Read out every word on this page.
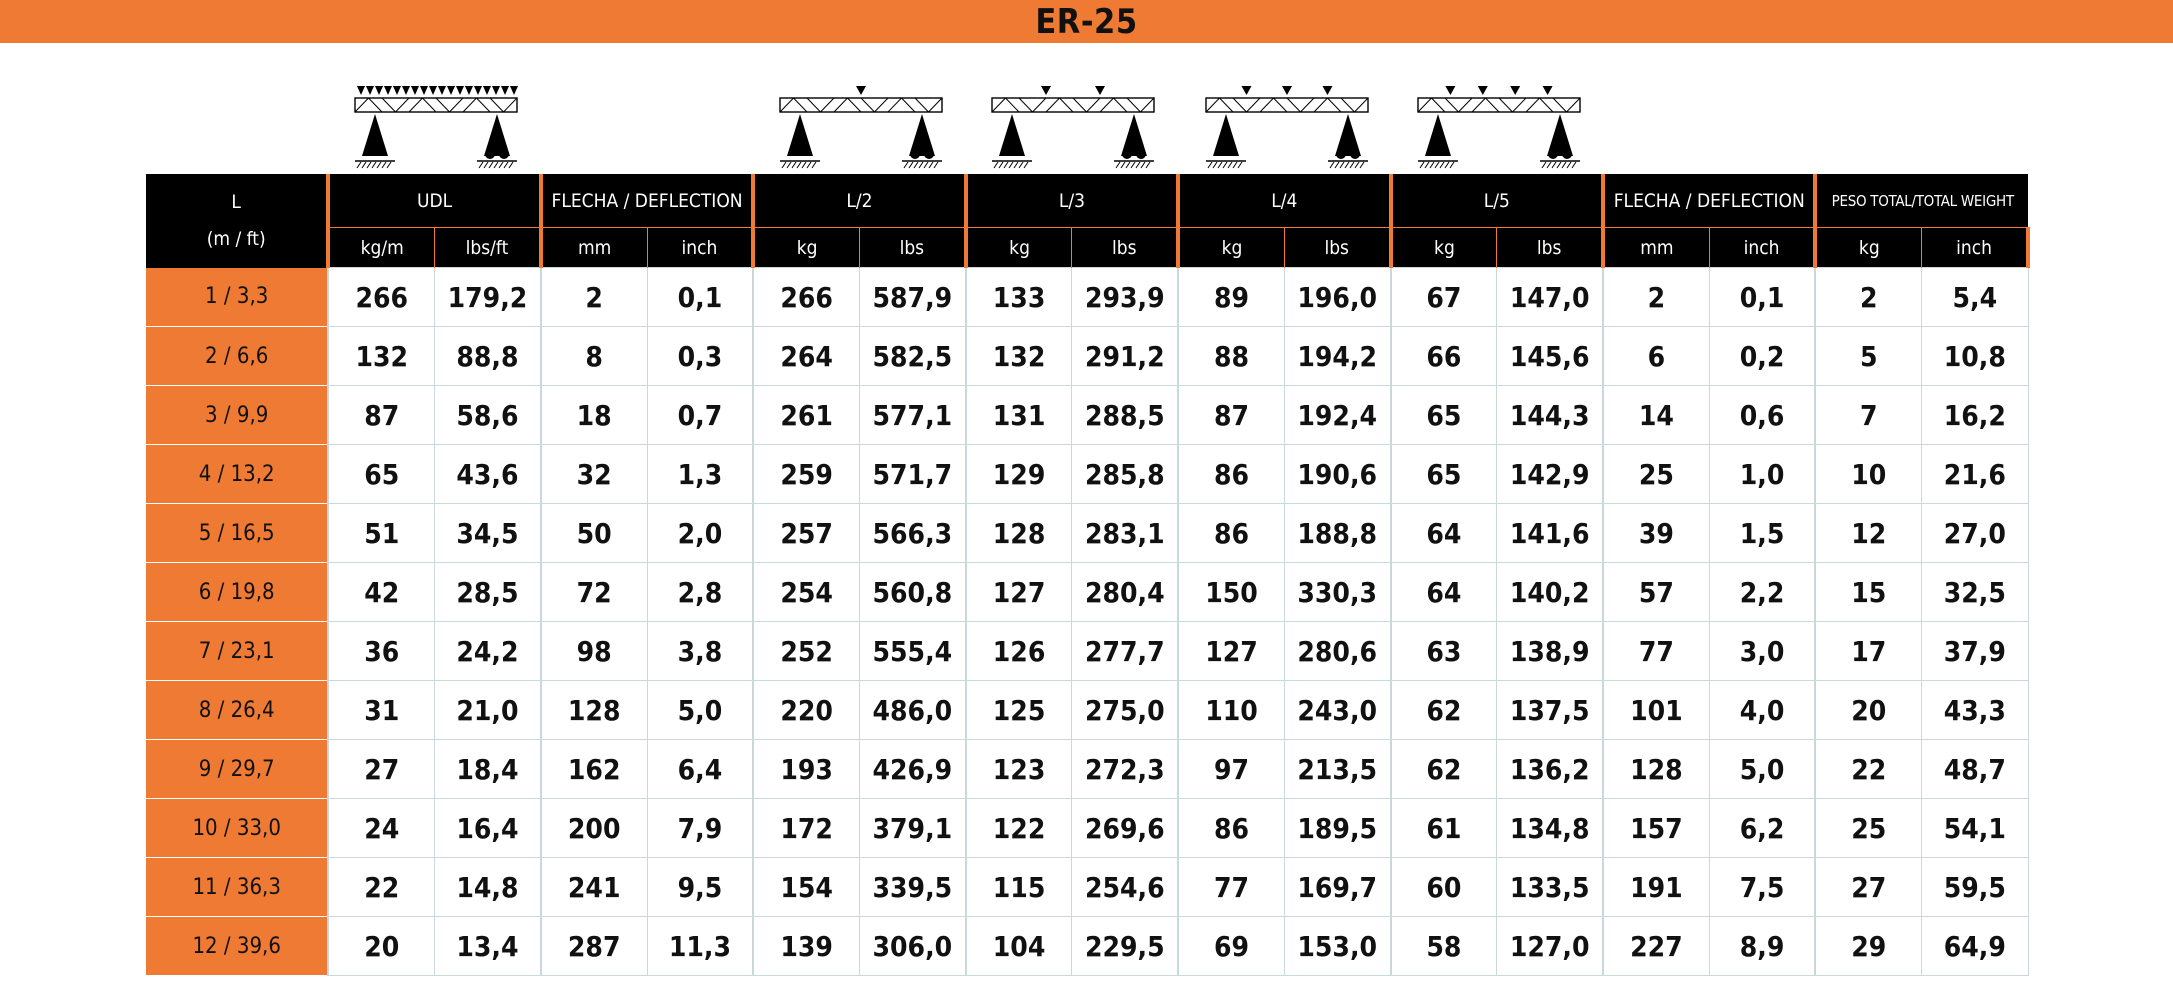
ER-25
L
(m / ft)	UDL		FLECHA / DEFLECTION		L/2		L/3		L/4		L/5		FLECHA / DEFLECTION		PESO TOTAL/TOTAL WEIGHT	
	kg/m	lbs/ft	mm	inch	kg	lbs	kg	lbs	kg	lbs	kg	lbs	mm	inch	kg	inch
1 / 3,3	266	179,2	2	0,1	266	587,9	133	293,9	89	196,0	67	147,0	2	0,1	2	5,4
2 / 6,6	132	88,8	8	0,3	264	582,5	132	291,2	88	194,2	66	145,6	6	0,2	5	10,8
3 / 9,9	87	58,6	18	0,7	261	577,1	131	288,5	87	192,4	65	144,3	14	0,6	7	16,2
4 / 13,2	65	43,6	32	1,3	259	571,7	129	285,8	86	190,6	65	142,9	25	1,0	10	21,6
5 / 16,5	51	34,5	50	2,0	257	566,3	128	283,1	86	188,8	64	141,6	39	1,5	12	27,0
6 / 19,8	42	28,5	72	2,8	254	560,8	127	280,4	150	330,3	64	140,2	57	2,2	15	32,5
7 / 23,1	36	24,2	98	3,8	252	555,4	126	277,7	127	280,6	63	138,9	77	3,0	17	37,9
8 / 26,4	31	21,0	128	5,0	220	486,0	125	275,0	110	243,0	62	137,5	101	4,0	20	43,3
9 / 29,7	27	18,4	162	6,4	193	426,9	123	272,3	97	213,5	62	136,2	128	5,0	22	48,7
10 / 33,0	24	16,4	200	7,9	172	379,1	122	269,6	86	189,5	61	134,8	157	6,2	25	54,1
11 / 36,3	22	14,8	241	9,5	154	339,5	115	254,6	77	169,7	60	133,5	191	7,5	27	59,5
12 / 39,6	20	13,4	287	11,3	139	306,0	104	229,5	69	153,0	58	127,0	227	8,9	29	64,9
